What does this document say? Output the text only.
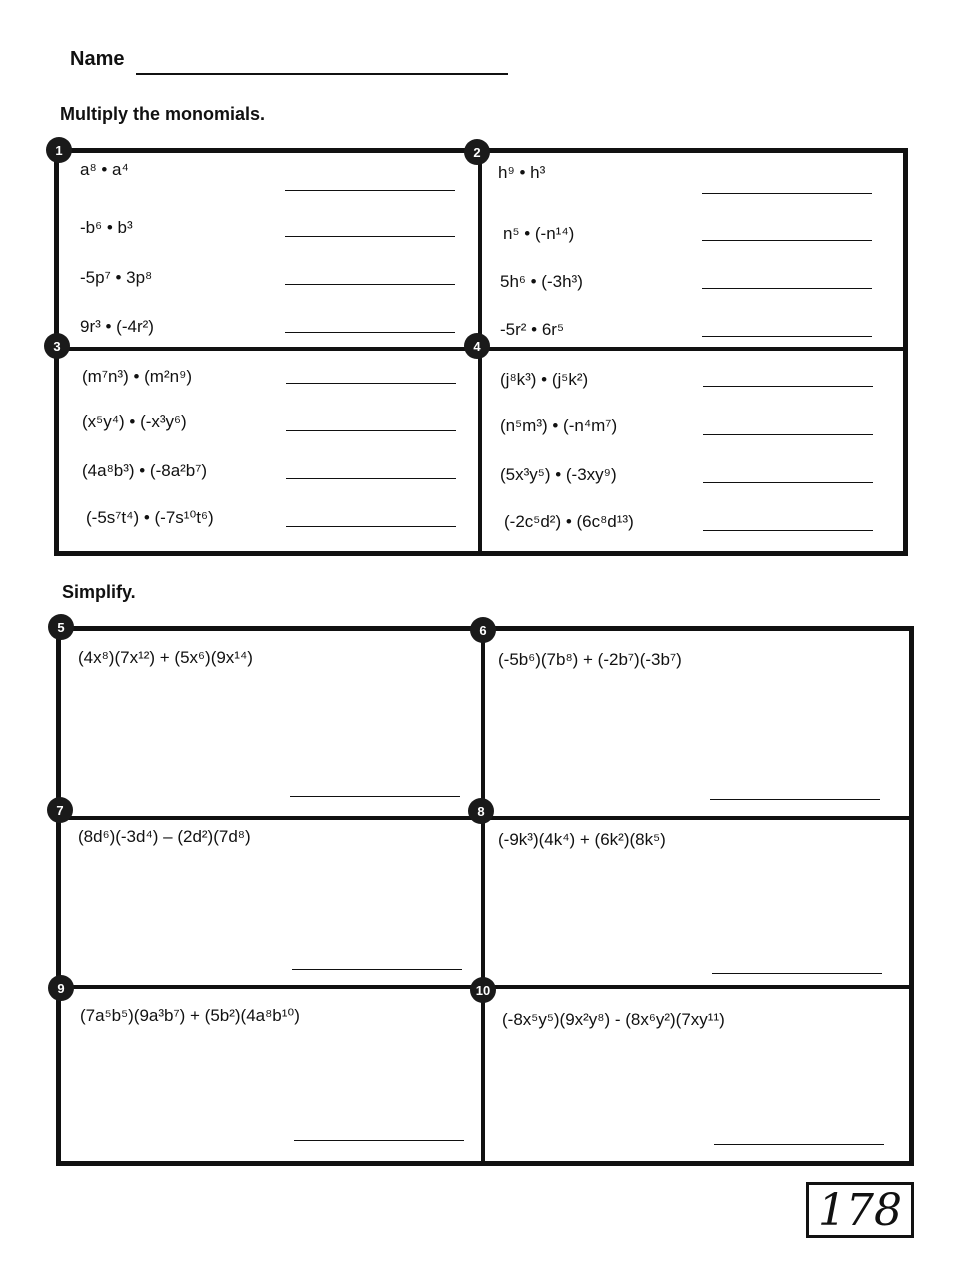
Name
Multiply the monomials.
1
a⁸ • a⁴
-b⁶ • b³
-5p⁷ • 3p⁸
9r³ • (-4r²)
2
h⁹ • h³
n⁵ • (-n¹⁴)
5h⁶ • (-3h³)
-5r² • 6r⁵
3
(m⁷n³) • (m²n⁹)
(x⁵y⁴) • (-x³y⁶)
(4a⁸b³) • (-8a²b⁷)
(-5s⁷t⁴) • (-7s¹⁰t⁶)
4
(j⁸k³) • (j⁵k²)
(n⁵m³) • (-n⁴m⁷)
(5x³y⁵) • (-3xy⁹)
(-2c⁵d²) • (6c⁸d¹³)
Simplify.
5
(4x⁸)(7x¹²) + (5x⁶)(9x¹⁴)
6
(-5b⁶)(7b⁸) + (-2b⁷)(-3b⁷)
7
(8d⁶)(-3d⁴) – (2d²)(7d⁸)
8
(-9k³)(4k⁴) + (6k²)(8k⁵)
9
(7a⁵b⁵)(9a³b⁷) + (5b²)(4a⁸b¹⁰)
10
(-8x⁵y⁵)(9x²y⁸) - (8x⁶y²)(7xy¹¹)
178
